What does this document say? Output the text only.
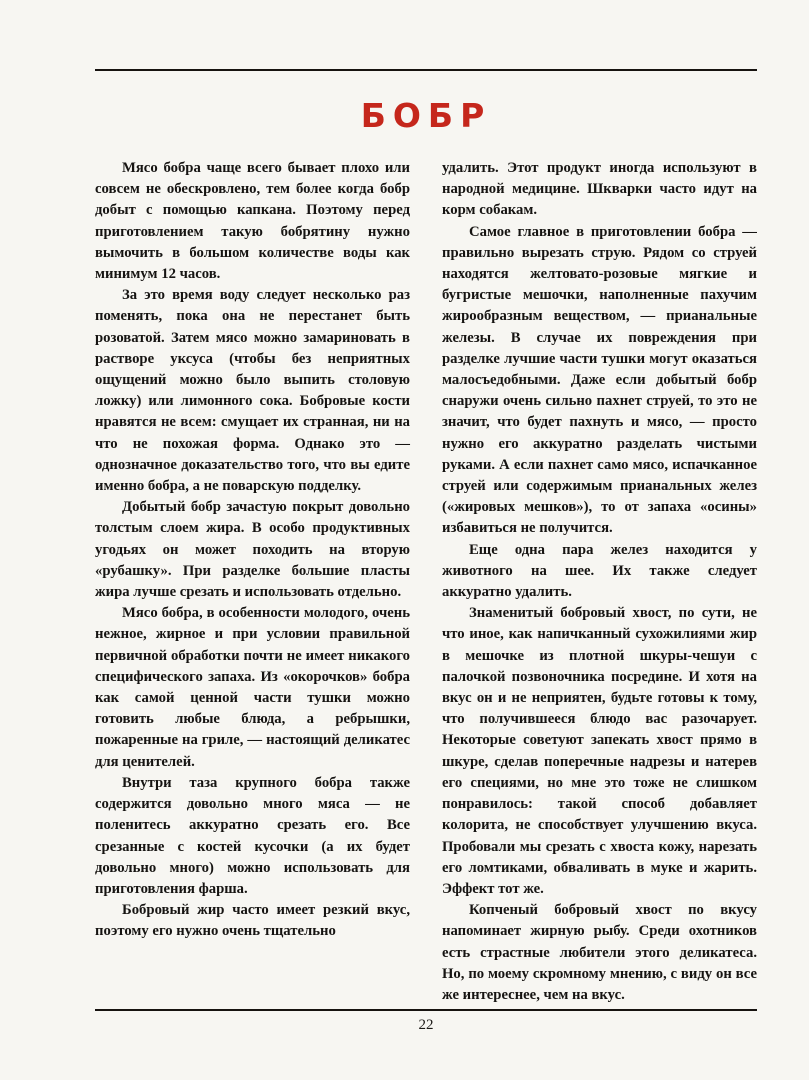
БОБР

Мясо бобра чаще всего бывает плохо или совсем не обескровлено, тем более когда бобр добыт с помощью капкана. Поэтому перед приготовлением такую бобрятину нужно вымочить в большом количестве воды как минимум 12 часов.

За это время воду следует несколько раз поменять, пока она не перестанет быть розоватой. Затем мясо можно замариновать в растворе уксуса (чтобы без неприятных ощущений можно было выпить столовую ложку) или лимонного сока. Бобровые кости нравятся не всем: смущает их странная, ни на что не похожая форма. Однако это — однозначное доказательство того, что вы едите именно бобра, а не поварскую подделку.

Добытый бобр зачастую покрыт довольно толстым слоем жира. В особо продуктивных угодьях он может походить на вторую «рубашку». При разделке большие пласты жира лучше срезать и использовать отдельно.

Мясо бобра, в особенности молодого, очень нежное, жирное и при условии правильной первичной обработки почти не имеет никакого специфического запаха. Из «окорочков» бобра как самой ценной части тушки можно готовить любые блюда, а ребрышки, пожаренные на гриле, — настоящий деликатес для ценителей.

Внутри таза крупного бобра также содержится довольно много мяса — не поленитесь аккуратно срезать его. Все срезанные с костей кусочки (а их будет довольно много) можно использовать для приготовления фарша.

Бобровый жир часто имеет резкий вкус, поэтому его нужно очень тщательно

удалить. Этот продукт иногда используют в народной медицине. Шкварки часто идут на корм собакам.

Самое главное в приготовлении бобра — правильно вырезать струю. Рядом со струей находятся желтовато-розовые мягкие и бугристые мешочки, наполненные пахучим жирообразным веществом, — прианальные железы. В случае их повреждения при разделке лучшие части тушки могут оказаться малосъедобными. Даже если добытый бобр снаружи очень сильно пахнет струей, то это не значит, что будет пахнуть и мясо, — просто нужно его аккуратно разделать чистыми руками. А если пахнет само мясо, испачканное струей или содержимым прианальных желез («жировых мешков»), то от запаха «осины» избавиться не получится.

Еще одна пара желез находится у животного на шее. Их также следует аккуратно удалить.

Знаменитый бобровый хвост, по сути, не что иное, как напичканный сухожилиями жир в мешочке из плотной шкуры-чешуи с палочкой позвоночника посредине. И хотя на вкус он и не неприятен, будьте готовы к тому, что получившееся блюдо вас разочарует. Некоторые советуют запекать хвост прямо в шкуре, сделав поперечные надрезы и натерев его специями, но мне это тоже не слишком понравилось: такой способ добавляет колорита, не способствует улучшению вкуса. Пробовали мы срезать с хвоста кожу, нарезать его ломтиками, обваливать в муке и жарить. Эффект тот же.

Копченый бобровый хвост по вкусу напоминает жирную рыбу. Среди охотников есть страстные любители этого деликатеса. Но, по моему скромному мнению, с виду он все же интереснее, чем на вкус.

22
